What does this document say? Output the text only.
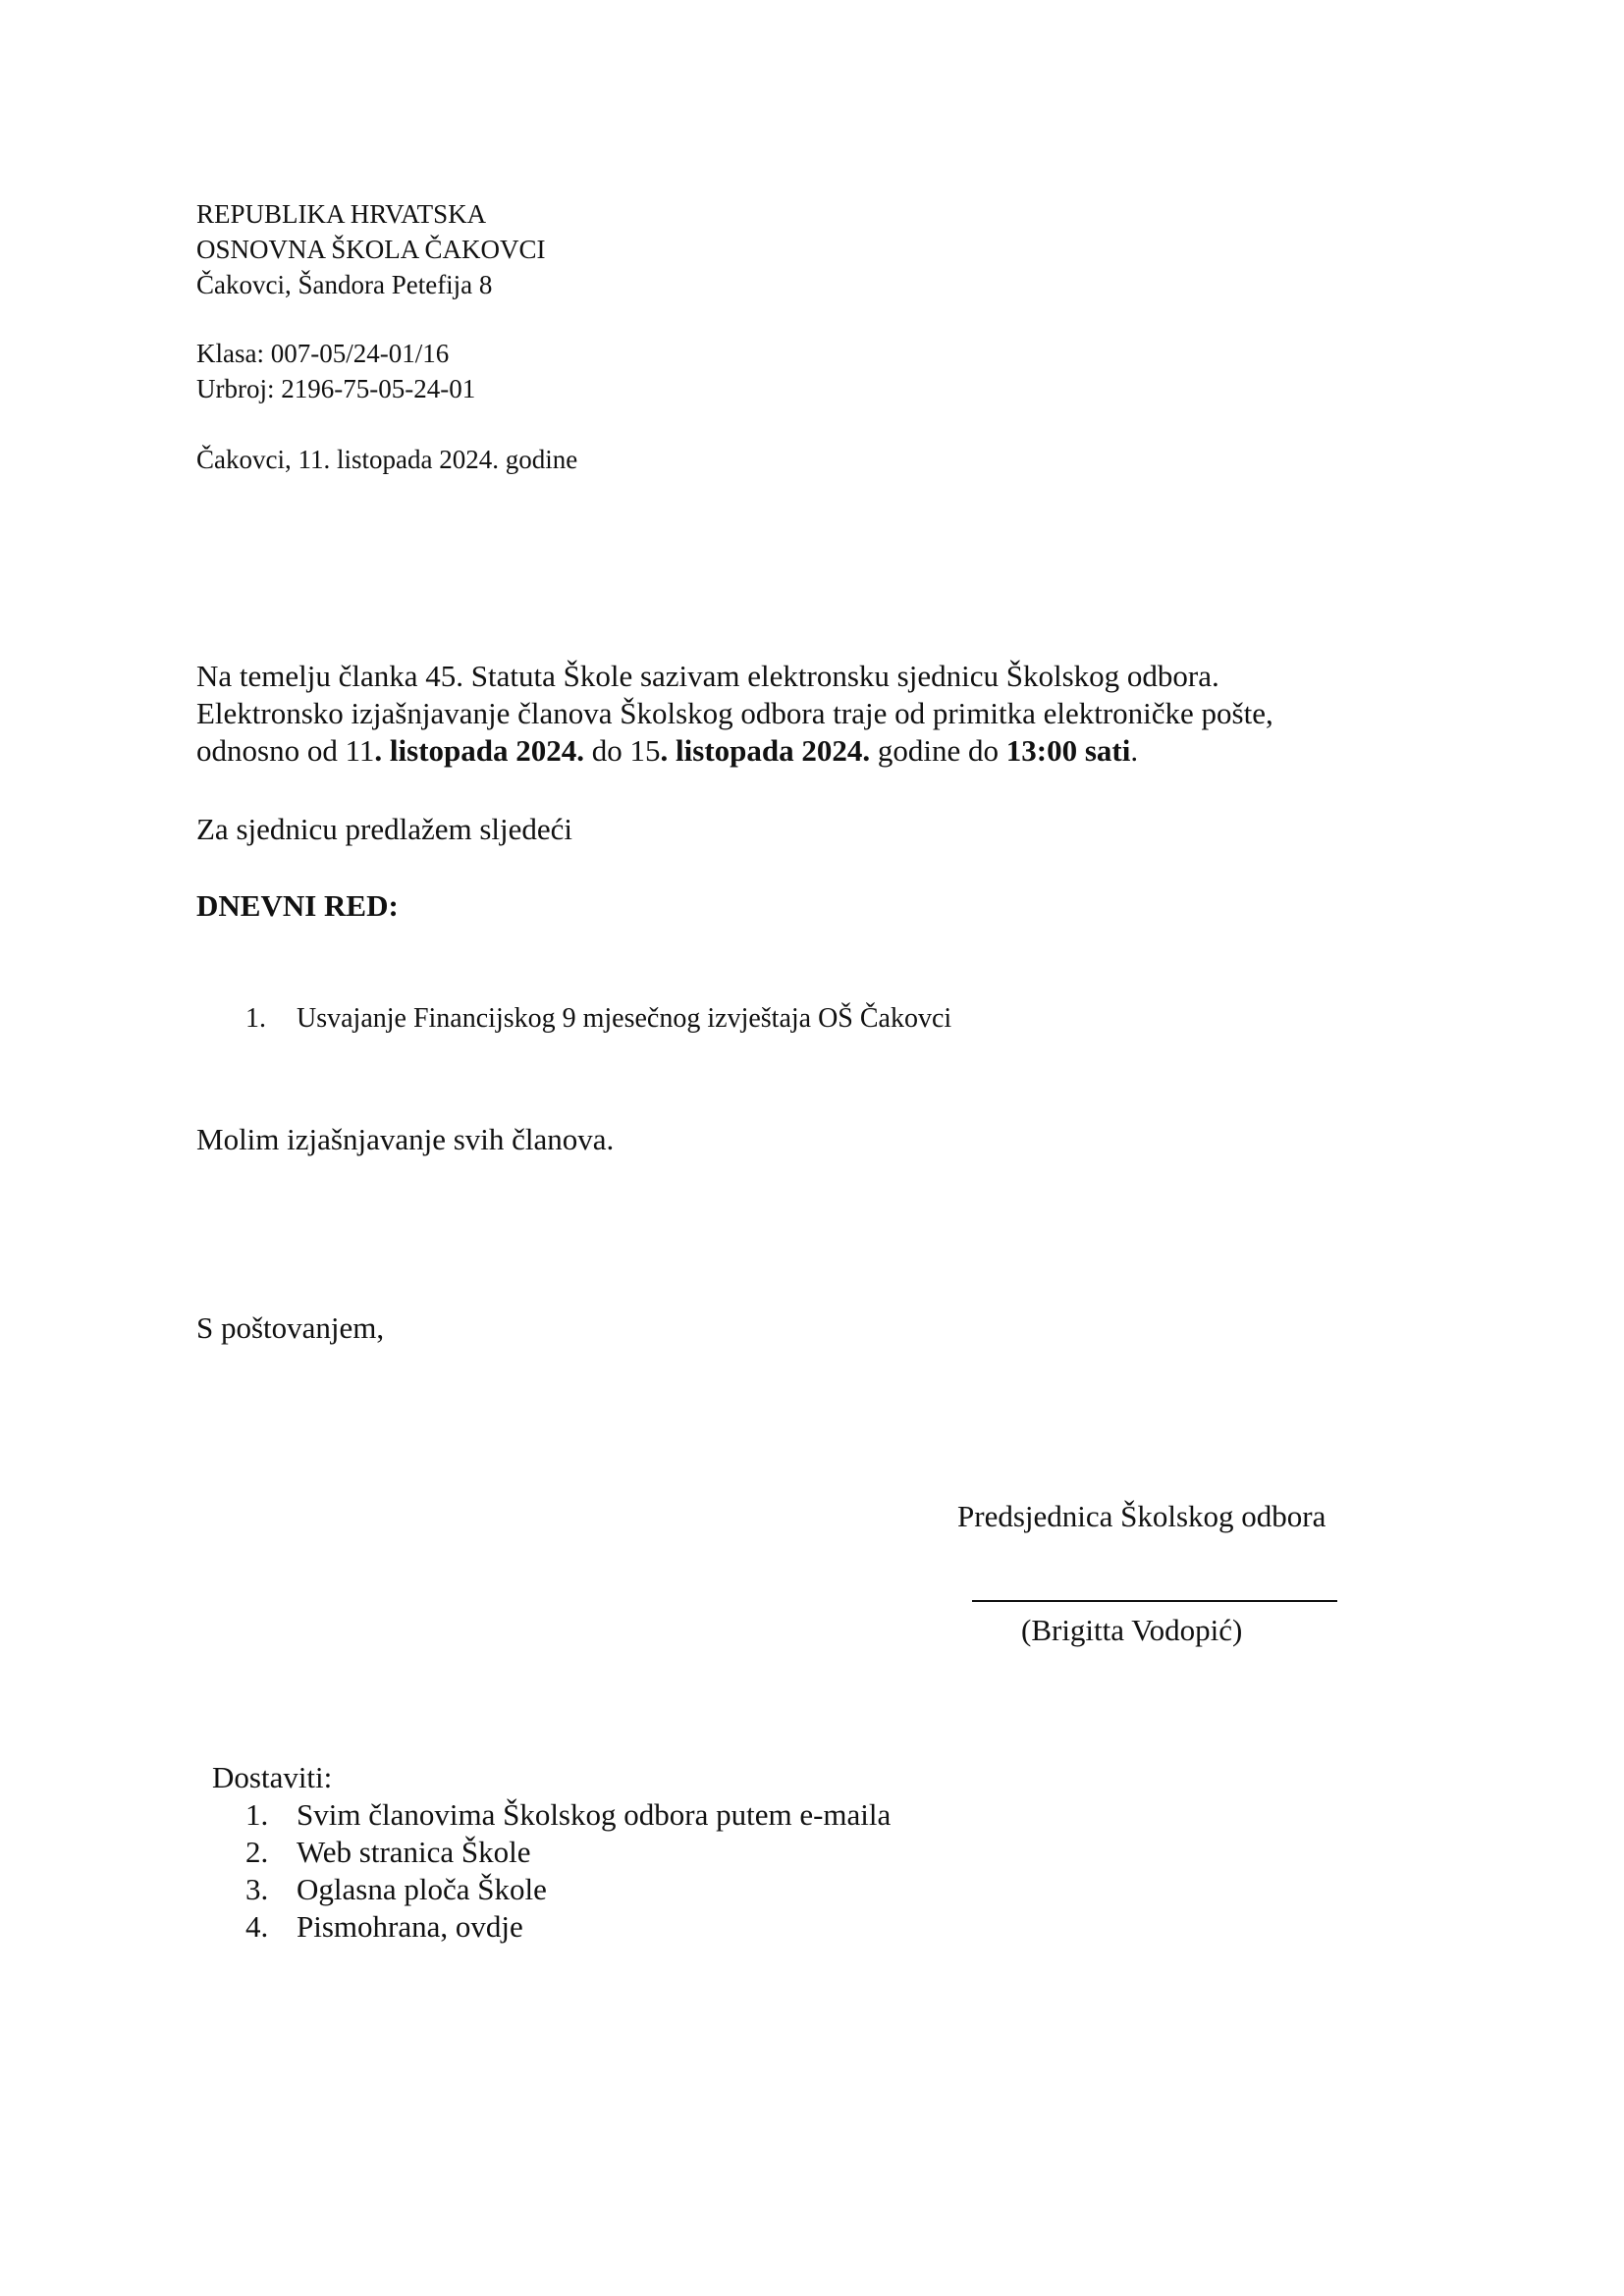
REPUBLIKA HRVATSKA
OSNOVNA ŠKOLA ČAKOVCI
Čakovci, Šandora Petefija 8
Klasa: 007-05/24-01/16
Urbroj: 2196-75-05-24-01
Čakovci, 11. listopada 2024. godine
Na temelju članka 45. Statuta Škole sazivam elektronsku sjednicu Školskog odbora.
Elektronsko izjašnjavanje članova Školskog odbora traje od primitka elektroničke pošte,
odnosno od 11. listopada 2024. do 15. listopada 2024. godine do 13:00 sati.
Za sjednicu predlažem sljedeći
DNEVNI RED:
1. Usvajanje Financijskog 9 mjesečnog izvještaja OŠ Čakovci
Molim izjašnjavanje svih članova.
S poštovanjem,
Predsjednica Školskog odbora
(Brigitta Vodopić)
Dostaviti:
1. Svim članovima Školskog odbora putem e-maila
2. Web stranica Škole
3. Oglasna ploča Škole
4. Pismohrana, ovdje
